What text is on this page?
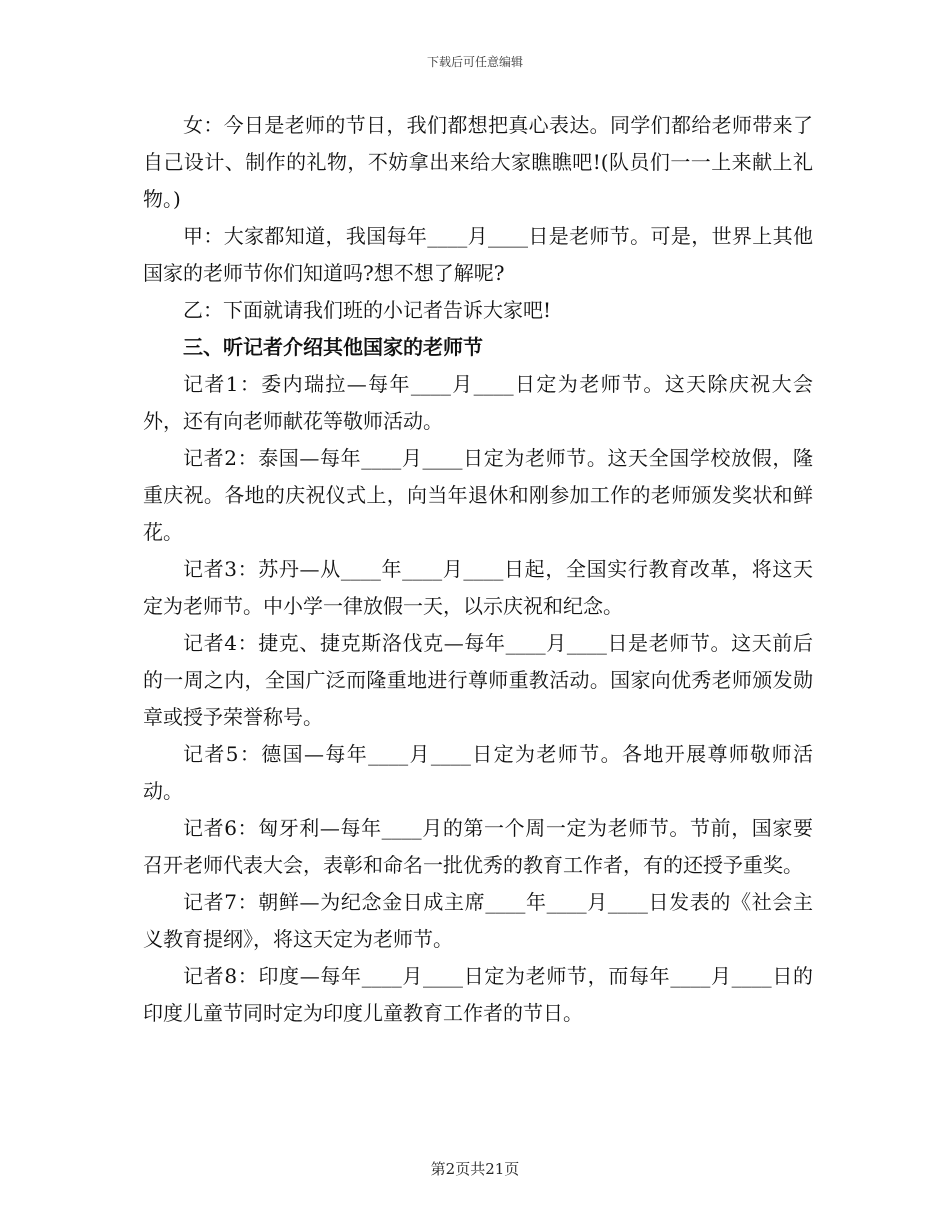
下载后可任意编辑

女：今日是老师的节日，我们都想把真心表达。同学们都给老师带来了自己设计、制作的礼物，不妨拿出来给大家瞧瞧吧!(队员们一一上来献上礼物。)

甲：大家都知道，我国每年____月____日是老师节。可是，世界上其他国家的老师节你们知道吗?想不想了解呢?

乙：下面就请我们班的小记者告诉大家吧!

三、听记者介绍其他国家的老师节

记者1：委内瑞拉—每年____月____日定为老师节。这天除庆祝大会外，还有向老师献花等敬师活动。

记者2：泰国—每年____月____日定为老师节。这天全国学校放假，隆重庆祝。各地的庆祝仪式上，向当年退休和刚参加工作的老师颁发奖状和鲜花。

记者3：苏丹—从____年____月____日起，全国实行教育改革，将这天定为老师节。中小学一律放假一天，以示庆祝和纪念。

记者4：捷克、捷克斯洛伐克—每年____月____日是老师节。这天前后的一周之内，全国广泛而隆重地进行尊师重教活动。国家向优秀老师颁发勋章或授予荣誉称号。

记者5：德国—每年____月____日定为老师节。各地开展尊师敬师活动。

记者6：匈牙利—每年____月的第一个周一定为老师节。节前，国家要召开老师代表大会，表彰和命名一批优秀的教育工作者，有的还授予重奖。

记者7：朝鲜—为纪念金日成主席____年____月____日发表的《社会主义教育提纲》，将这天定为老师节。

记者8：印度—每年____月____日定为老师节，而每年____月____日的印度儿童节同时定为印度儿童教育工作者的节日。

第2页共21页
